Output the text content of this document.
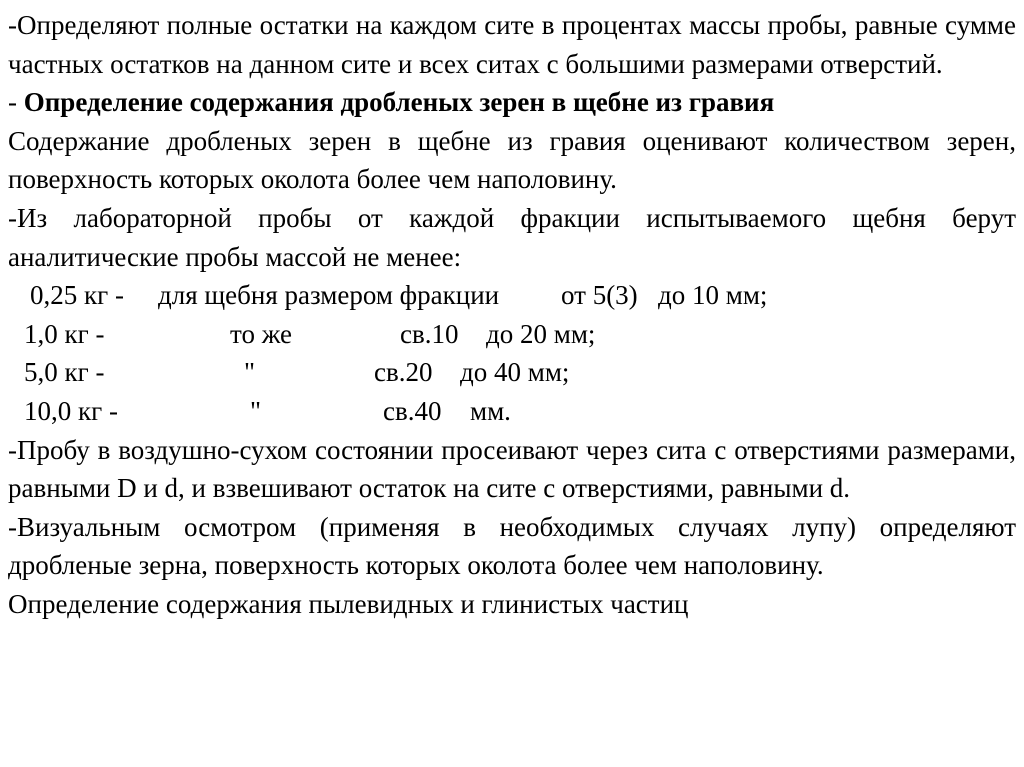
-Определяют полные остатки на каждом сите в процентах массы пробы, равные сумме частных остатков на данном сите и всех ситах с большими размерами отверстий.

- Определение содержания дробленых зерен в щебне из гравия

Содержание дробленых зерен в щебне из гравия оценивают количеством зерен, поверхность которых околота более чем наполовину.

-Из лабораторной пробы от каждой фракции испытываемого щебня берут аналитические пробы массой не менее:

0,25 кг - для щебня размером фракции от 5(3) до 10 мм;
1,0 кг -	то же	св.10 до 20 мм;
5,0 кг -	"	св.20 до 40 мм;
10,0 кг -	"	св.40 мм.

-Пробу в воздушно-сухом состоянии просеивают через сита с отверстиями размерами, равными D и d, и взвешивают остаток на сите с отверстиями, равными d.

-Визуальным осмотром (применяя в необходимых случаях лупу) определяют дробленые зерна, поверхность которых околота более чем наполовину.

Определение содержания пылевидных и глинистых частиц
